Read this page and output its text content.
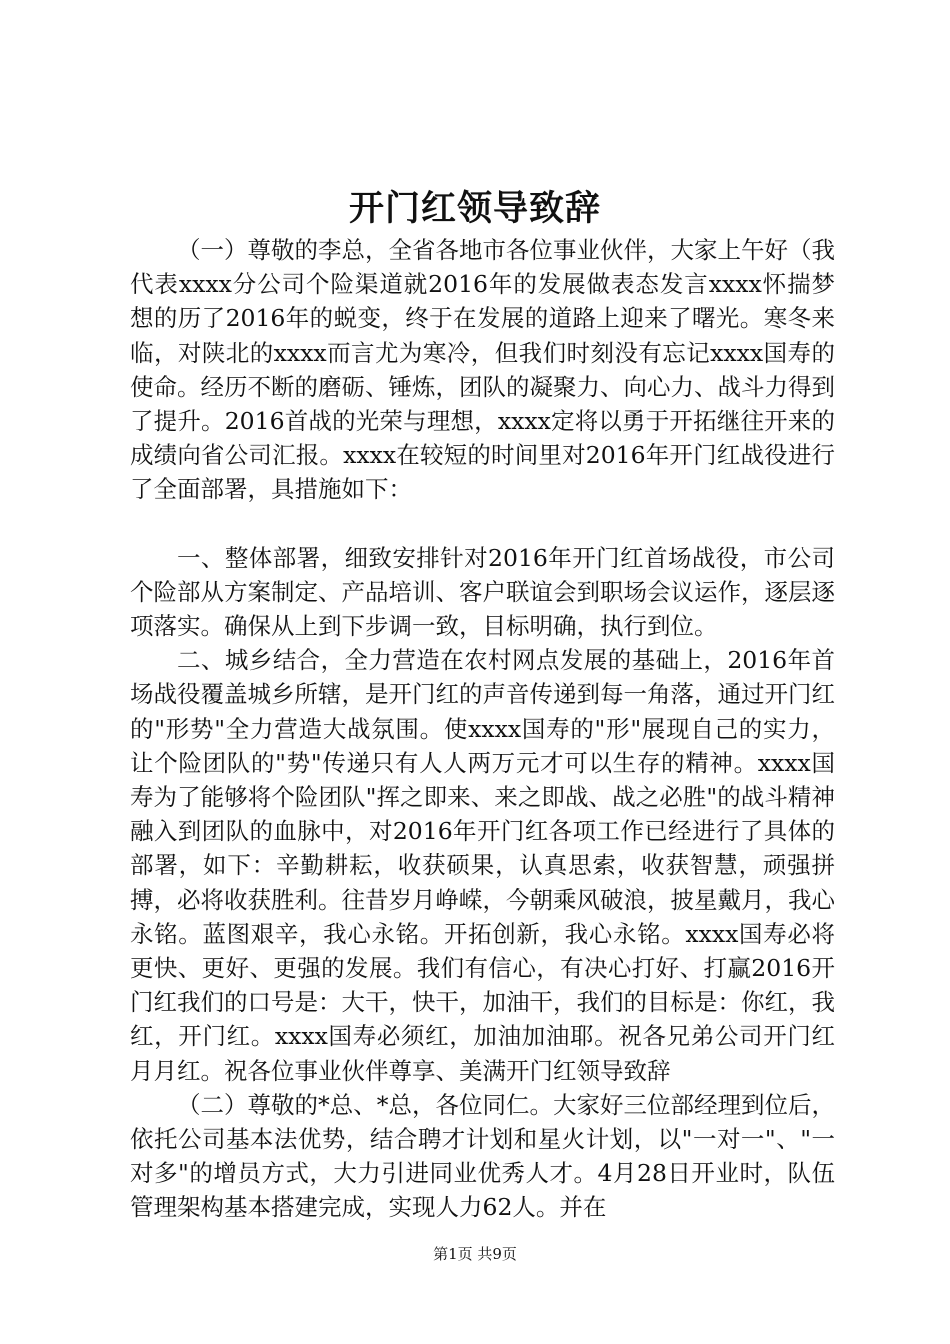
开门红领导致辞

（一）尊敬的李总，全省各地市各位事业伙伴，大家上午好（我代表xxxx分公司个险渠道就2016年的发展做表态发言xxxx怀揣梦想的历了2016年的蜕变，终于在发展的道路上迎来了曙光。寒冬来临，对陕北的xxxx而言尤为寒冷，但我们时刻没有忘记xxxx国寿的使命。经历不断的磨砺、锤炼，团队的凝聚力、向心力、战斗力得到了提升。2016首战的光荣与理想，xxxx定将以勇于开拓继往开来的成绩向省公司汇报。xxxx在较短的时间里对2016年开门红战役进行了全面部署，具措施如下：

一、整体部署，细致安排针对2016年开门红首场战役，市公司个险部从方案制定、产品培训、客户联谊会到职场会议运作，逐层逐项落实。确保从上到下步调一致，目标明确，执行到位。

二、城乡结合，全力营造在农村网点发展的基础上，2016年首场战役覆盖城乡所辖，是开门红的声音传递到每一角落，通过开门红的"形势"全力营造大战氛围。使xxxx国寿的"形"展现自己的实力，让个险团队的"势"传递只有人人两万元才可以生存的精神。xxxx国寿为了能够将个险团队"挥之即来、来之即战、战之必胜"的战斗精神融入到团队的血脉中，对2016年开门红各项工作已经进行了具体的部署，如下：辛勤耕耘，收获硕果，认真思索，收获智慧，顽强拼搏，必将收获胜利。往昔岁月峥嵘，今朝乘风破浪，披星戴月，我心永铭。蓝图艰辛，我心永铭。开拓创新，我心永铭。xxxx国寿必将更快、更好、更强的发展。我们有信心，有决心打好、打赢2016开门红我们的口号是：大干，快干，加油干，我们的目标是：你红，我红，开门红。xxxx国寿必须红，加油加油耶。祝各兄弟公司开门红月月红。祝各位事业伙伴尊享、美满开门红领导致辞

（二）尊敬的*总、*总，各位同仁。大家好三位部经理到位后，依托公司基本法优势，结合聘才计划和星火计划，以"一对一"、"一对多"的增员方式，大力引进同业优秀人才。4月28日开业时，队伍管理架构基本搭建完成，实现人力62人。并在

第1页 共9页
